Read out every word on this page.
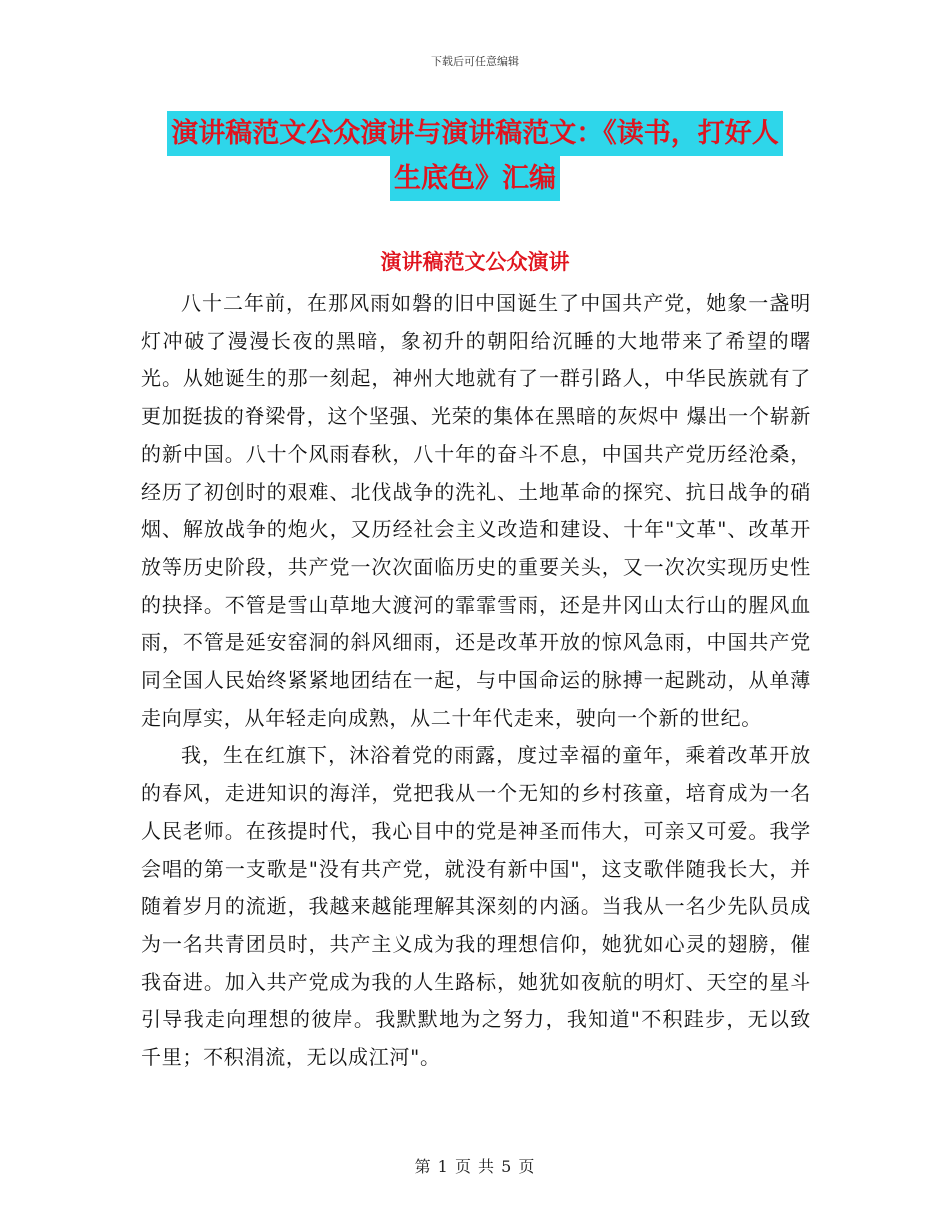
下载后可任意编辑
演讲稿范文公众演讲与演讲稿范文：《读书，打好人
生底色》汇编
演讲稿范文公众演讲

八十二年前，在那风雨如磐的旧中国诞生了中国共产党，她象一盏明灯冲破了漫漫长夜的黑暗，象初升的朝阳给沉睡的大地带来了希望的曙光。从她诞生的那一刻起，神州大地就有了一群引路人，中华民族就有了更加挺拔的脊梁骨，这个坚强、光荣的集体在黑暗的灰烬中 爆出一个崭新的新中国。八十个风雨春秋，八十年的奋斗不息，中国共产党历经沧桑，经历了初创时的艰难、北伐战争的洗礼、土地革命的探究、抗日战争的硝烟、解放战争的炮火，又历经社会主义改造和建设、十年"文革"、改革开放等历史阶段，共产党一次次面临历史的重要关头，又一次次实现历史性的抉择。不管是雪山草地大渡河的霏霏雪雨，还是井冈山太行山的腥风血雨，不管是延安窑洞的斜风细雨，还是改革开放的惊风急雨，中国共产党同全国人民始终紧紧地团结在一起，与中国命运的脉搏一起跳动，从单薄走向厚实，从年轻走向成熟，从二十年代走来，驶向一个新的世纪。

我，生在红旗下，沐浴着党的雨露，度过幸福的童年，乘着改革开放的春风，走进知识的海洋，党把我从一个无知的乡村孩童，培育成为一名人民老师。在孩提时代，我心目中的党是神圣而伟大，可亲又可爱。我学会唱的第一支歌是"没有共产党，就没有新中国"，这支歌伴随我长大，并随着岁月的流逝，我越来越能理解其深刻的内涵。当我从一名少先队员成为一名共青团员时，共产主义成为我的理想信仰，她犹如心灵的翅膀，催我奋进。加入共产党成为我的人生路标，她犹如夜航的明灯、天空的星斗引导我走向理想的彼岸。我默默地为之努力，我知道"不积跬步，无以致千里；不积涓流，无以成江河"。

第 1 页 共 5 页
